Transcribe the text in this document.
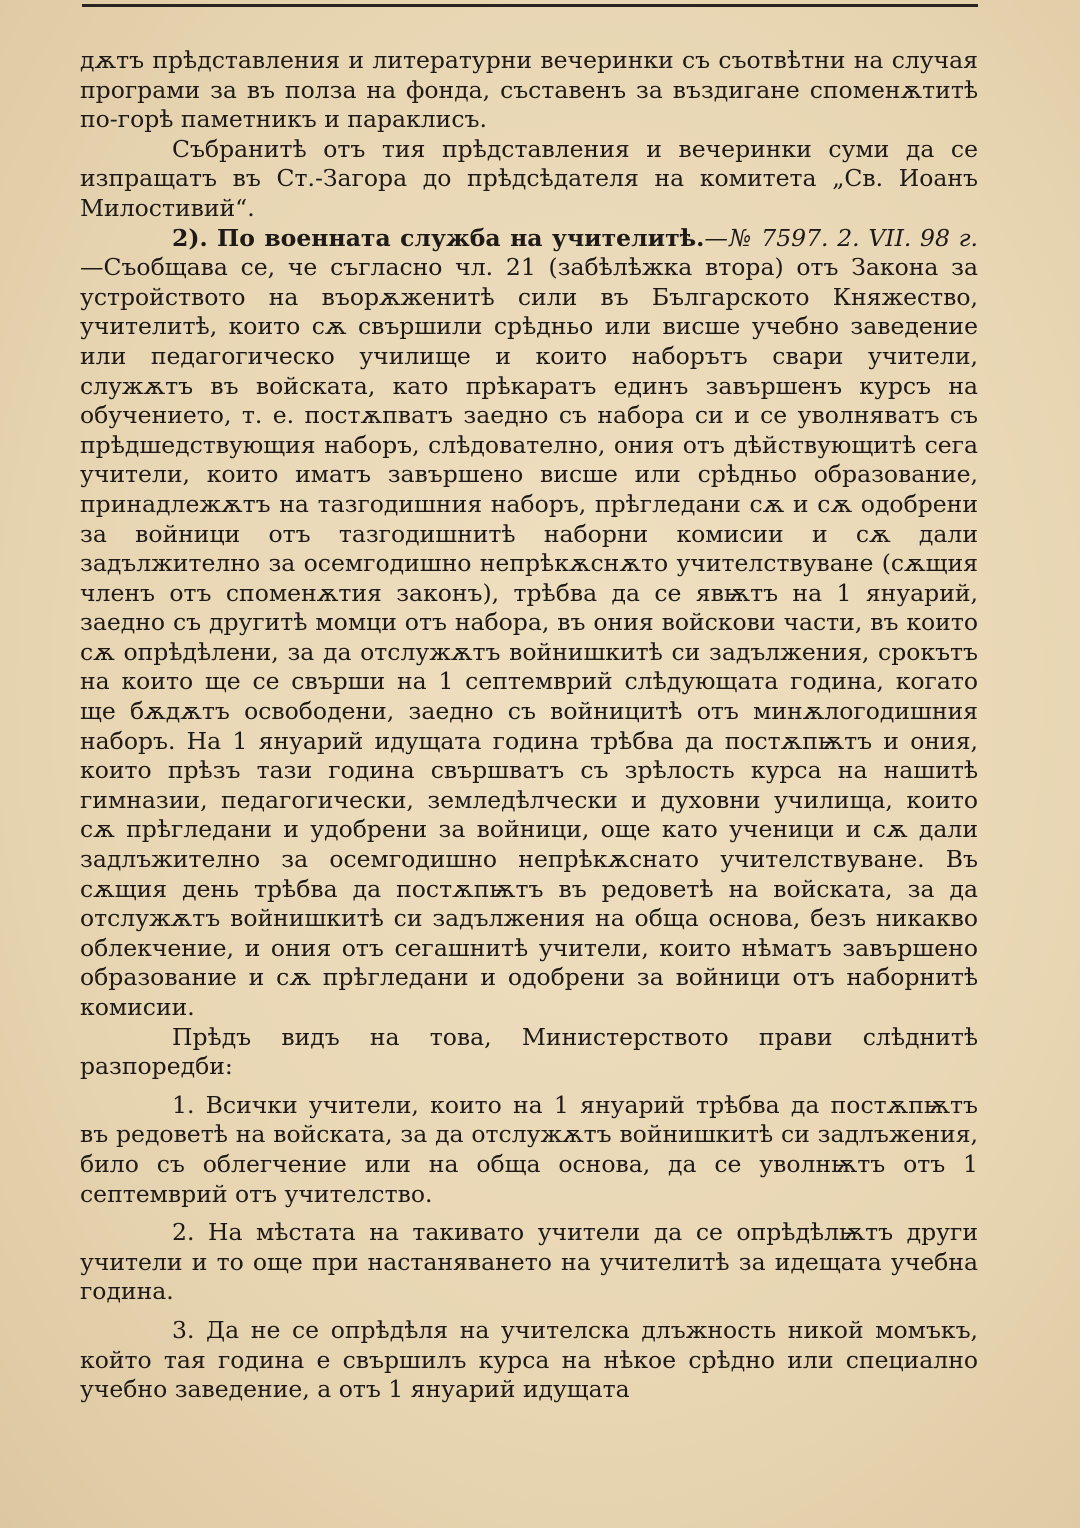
дѫтъ прѣдставления и литературни вечеринки съ съотвѣтни на случая програми за въ полза на фонда, съставенъ за въздигане споменѫтитѣ по-горѣ паметникъ и параклисъ.

Събранитѣ отъ тия прѣдставления и вечеринки суми да се изпращатъ въ Ст.-Загора до прѣдсѣдателя на комитета „Св. Иоанъ Милостивий“.

2). По военната служба на учителитѣ.—№ 7597. 2. VII. 98 г.—Съобщава се, че съгласно чл. 21 (забѣлѣжка втора) отъ Закона за устройството на въорѫженитѣ сили въ Българското Княжество, учителитѣ, които сѫ свършили срѣдньо или висше учебно заведение или педагогическо училище и които наборътъ свари учители, служѫтъ въ войската, като прѣкаратъ единъ завършенъ курсъ на обучението, т. е. постѫпватъ заедно съ набора си и се уволняватъ съ прѣдшедствующия наборъ, слѣдователно, ония отъ дѣйствующитѣ сега учители, които иматъ завършено висше или срѣдньо образование, принадлежѫтъ на тазгодишния наборъ, прѣгледани сѫ и сѫ одобрени за войници отъ тазгодишнитѣ наборни комисии и сѫ дали задължително за осемгодишно непрѣкѫснѫто учителствуване (сѫщия членъ отъ споменѫтия законъ), трѣбва да се явѭтъ на 1 януарий, заедно съ другитѣ момци отъ набора, въ ония войскови части, въ които сѫ опрѣдѣлени, за да отслужѫтъ войнишкитѣ си задължения, срокътъ на които ще се свърши на 1 септемврий слѣдующата година, когато ще бѫдѫтъ освободени, заедно съ войницитѣ отъ минѫлогодишния наборъ. На 1 януарий идущата година трѣбва да постѫпѭтъ и ония, които прѣзъ тази година свършватъ съ зрѣлость курса на нашитѣ гимназии, педагогически, земледѣлчески и духовни училища, които сѫ прѣгледани и удобрени за войници, още като ученици и сѫ дали задлъжително за осемгодишно непрѣкѫснато учителствуване. Въ сѫщия день трѣбва да постѫпѭтъ въ редоветѣ на войската, за да отслужѫтъ войнишкитѣ си задължения на обща основа, безъ никакво облекчение, и ония отъ сегашнитѣ учители, които нѣматъ завършено образование и сѫ прѣгледани и одобрени за войници отъ наборнитѣ комисии.

Прѣдъ видъ на това, Министерството прави слѣднитѣ разпоредби:

1. Всички учители, които на 1 януарий трѣбва да постѫпѭтъ въ редоветѣ на войската, за да отслужѫтъ войнишкитѣ си задлъжения, било съ облегчение или на обща основа, да се уволнѭтъ отъ 1 септемврий отъ учителство.

2. На мѣстата на такивато учители да се опрѣдѣлѭтъ други учители и то още при настаняването на учителитѣ за идещата учебна година.

3. Да не се опрѣдѣля на учителска длъжность никой момъкъ, който тая година е свършилъ курса на нѣкое срѣдно или специално учебно заведение, а отъ 1 януарий идущата
